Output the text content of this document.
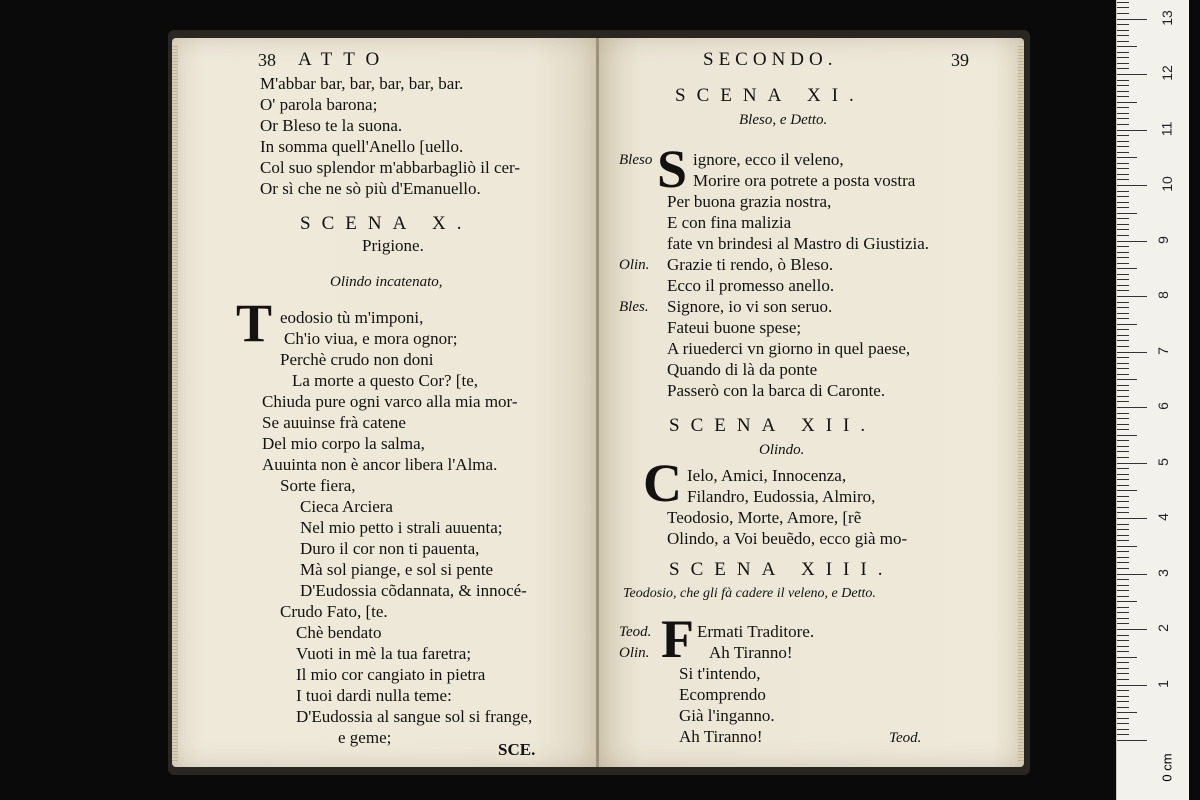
38 ATTO
M'abbar bar, bar, bar, bar, bar.
O' parola barona;
Or Bleso te la suona.
In somma quell'Anello [uello.
Col suo splendor m'abbarbagliò il cer-
Or sì che ne sò più d'Emanuello.
SCENA X.
Prigione.
Olindo incatenato,
T eodosio tù m'imponi,
Ch'io viua, e mora ognor;
Perchè crudo non doni
La morte a questo Cor? [te,
Chiuda pure ogni varco alla mia mor-
Se auuinse frà catene
Del mio corpo la salma,
Auuinta non è ancor libera l'Alma.
Sorte fiera,
Cieca Arciera
Nel mio petto i strali auuenta;
Duro il cor non ti pauenta,
Mà sol piange, e sol si pente
D'Eudossia cõdannata, & innocé-
Crudo Fato, [te.
Chè bendato
Vuoti in mè la tua faretra;
Il mio cor cangiato in pietra
I tuoi dardi nulla teme:
D'Eudossia al sangue sol si frange,
e geme;
SCE.
SECONDO.	39
SCENA XI.
Bleso, e Detto.
Bleso S ignore, ecco il veleno,
Morire ora potrete a posta vostra
Per buona grazia nostra,
E con fina malizia
fate vn brindesi al Mastro di Giustizia.
Olin. Grazie ti rendo, ò Bleso.
Ecco il promesso anello.
Bles. Signore, io vi son seruo.
Fateui buone spese;
A riuederci vn giorno in quel paese,
Quando di là da ponte
Passerò con la barca di Caronte.
SCENA XII.
Olindo.
C Ielo, Amici, Innocenza,
Filandro, Eudossia, Almiro,
Teodosio, Morte, Amore, [rẽ
Olindo, a Voi beuẽdo, ecco già mo-
SCENA XIII.
Teodosio, che gli fà cadere il veleno, e Detto.
Teod.
Olin. F Ermati Traditore.
Ah Tiranno!
Si t'intendo,
Ecomprendo
Già l'inganno.
Ah Tiranno!	Teod.
0 cm
1
2
3
4
5
6
7
8
9
10
11
12
13
